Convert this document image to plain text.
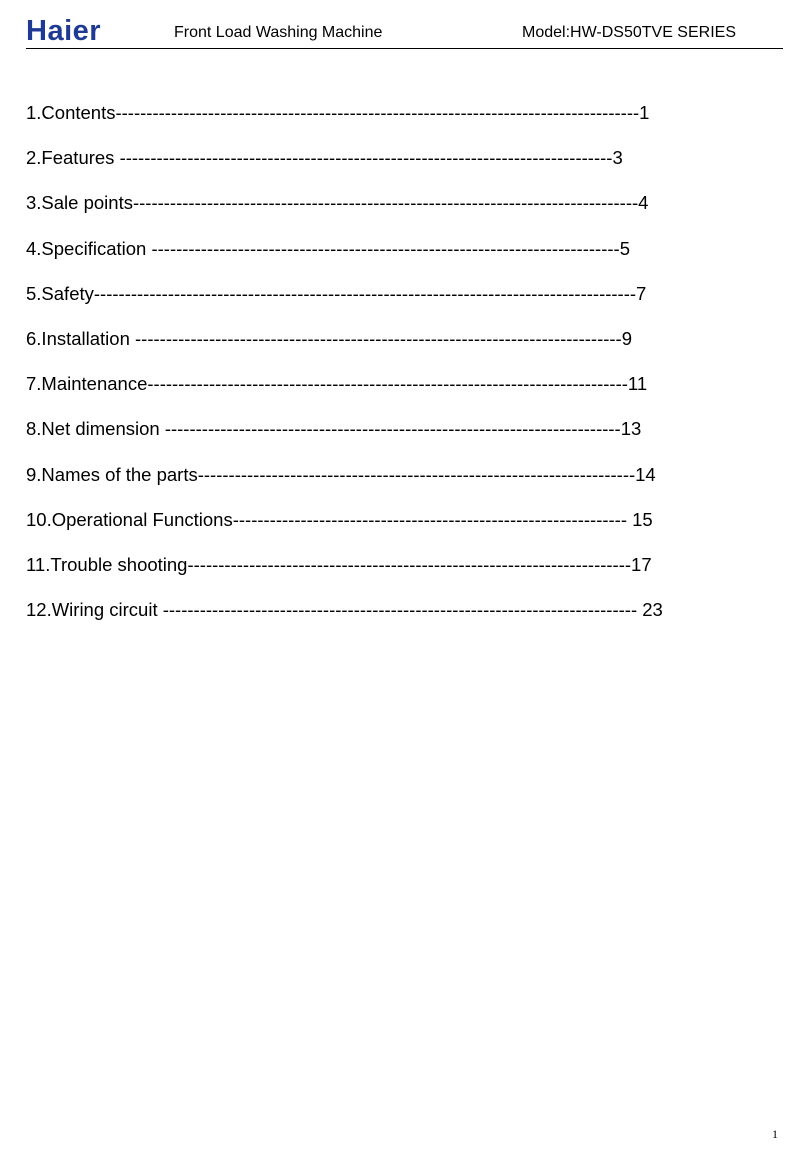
Haier	Front Load Washing Machine	Model:HW-DS50TVE SERIES
1.Contents-------------------------------------------------------------------------------------1
2.Features --------------------------------------------------------------------------------3
3.Sale points----------------------------------------------------------------------------------4
4.Specification ----------------------------------------------------------------------------5
5.Safety----------------------------------------------------------------------------------------7
6.Installation -------------------------------------------------------------------------------9
7.Maintenance------------------------------------------------------------------------------11
8.Net dimension --------------------------------------------------------------------------13
9.Names of the parts-----------------------------------------------------------------------14
10.Operational Functions---------------------------------------------------------------- 15
11.Trouble shooting------------------------------------------------------------------------17
12.Wiring circuit ----------------------------------------------------------------------------- 23
1
